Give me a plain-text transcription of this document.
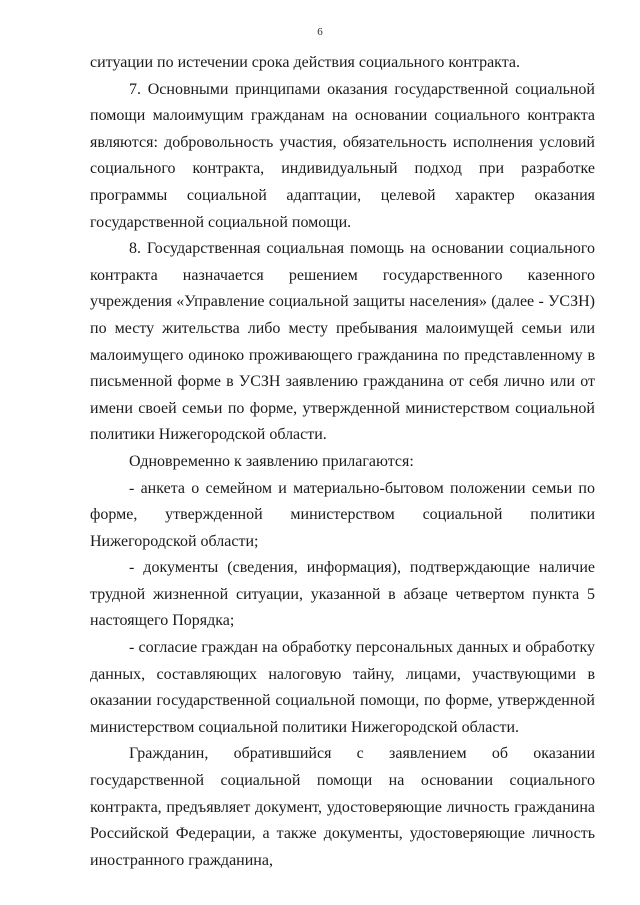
6

ситуации по истечении срока действия социального контракта.

7. Основными принципами оказания государственной социальной помощи малоимущим гражданам на основании социального контракта являются: добровольность участия, обязательность исполнения условий социального контракта, индивидуальный подход при разработке программы социальной адаптации, целевой характер оказания государственной социальной помощи.

8. Государственная социальная помощь на основании социального контракта назначается решением государственного казенного учреждения «Управление социальной защиты населения» (далее - УСЗН) по месту жительства либо месту пребывания малоимущей семьи или малоимущего одиноко проживающего гражданина по представленному в письменной форме в УСЗН заявлению гражданина от себя лично или от имени своей семьи по форме, утвержденной министерством социальной политики Нижегородской области.

Одновременно к заявлению прилагаются:

- анкета о семейном и материально-бытовом положении семьи по форме, утвержденной министерством социальной политики Нижегородской области;

- документы (сведения, информация), подтверждающие наличие трудной жизненной ситуации, указанной в абзаце четвертом пункта 5 настоящего Порядка;

- согласие граждан на обработку персональных данных и обработку данных, составляющих налоговую тайну, лицами, участвующими в оказании государственной социальной помощи, по форме, утвержденной министерством социальной политики Нижегородской области.

Гражданин, обратившийся с заявлением об оказании государственной социальной помощи на основании социального контракта, предъявляет документ, удостоверяющие личность гражданина Российской Федерации, а также документы, удостоверяющие личность иностранного гражданина,
